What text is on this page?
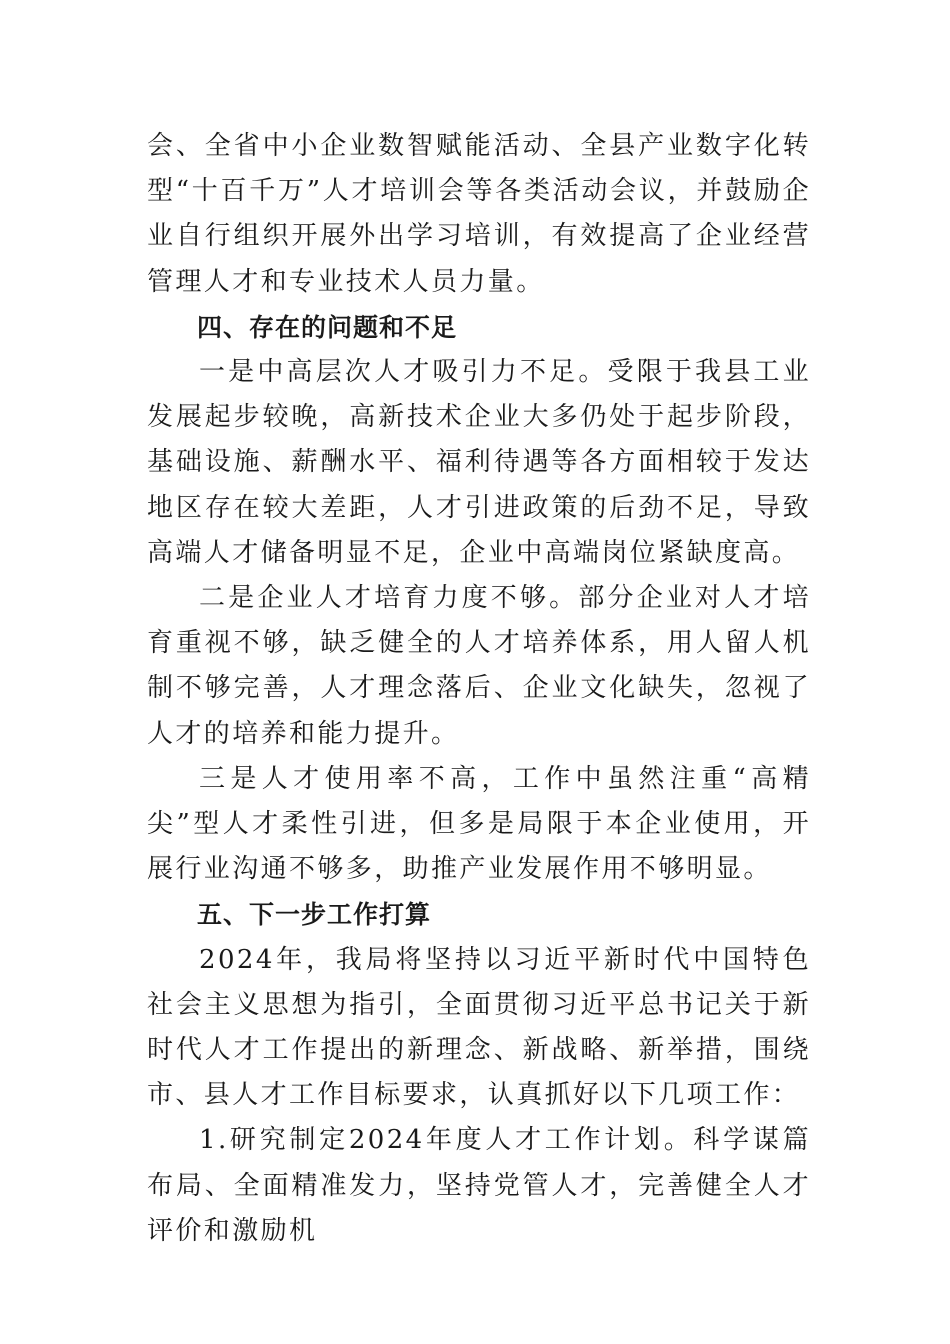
会、全省中小企业数智赋能活动、全县产业数字化转型“十百千万”人才培训会等各类活动会议，并鼓励企业自行组织开展外出学习培训，有效提高了企业经营管理人才和专业技术人员力量。

四、存在的问题和不足

一是中高层次人才吸引力不足。受限于我县工业发展起步较晚，高新技术企业大多仍处于起步阶段，基础设施、薪酬水平、福利待遇等各方面相较于发达地区存在较大差距，人才引进政策的后劲不足，导致高端人才储备明显不足，企业中高端岗位紧缺度高。

二是企业人才培育力度不够。部分企业对人才培育重视不够，缺乏健全的人才培养体系，用人留人机制不够完善，人才理念落后、企业文化缺失，忽视了人才的培养和能力提升。

三是人才使用率不高，工作中虽然注重“高精尖”型人才柔性引进，但多是局限于本企业使用，开展行业沟通不够多，助推产业发展作用不够明显。

五、下一步工作打算

2024年，我局将坚持以习近平新时代中国特色社会主义思想为指引，全面贯彻习近平总书记关于新时代人才工作提出的新理念、新战略、新举措，围绕市、县人才工作目标要求，认真抓好以下几项工作：

1.研究制定2024年度人才工作计划。科学谋篇布局、全面精准发力，坚持党管人才，完善健全人才评价和激励机
